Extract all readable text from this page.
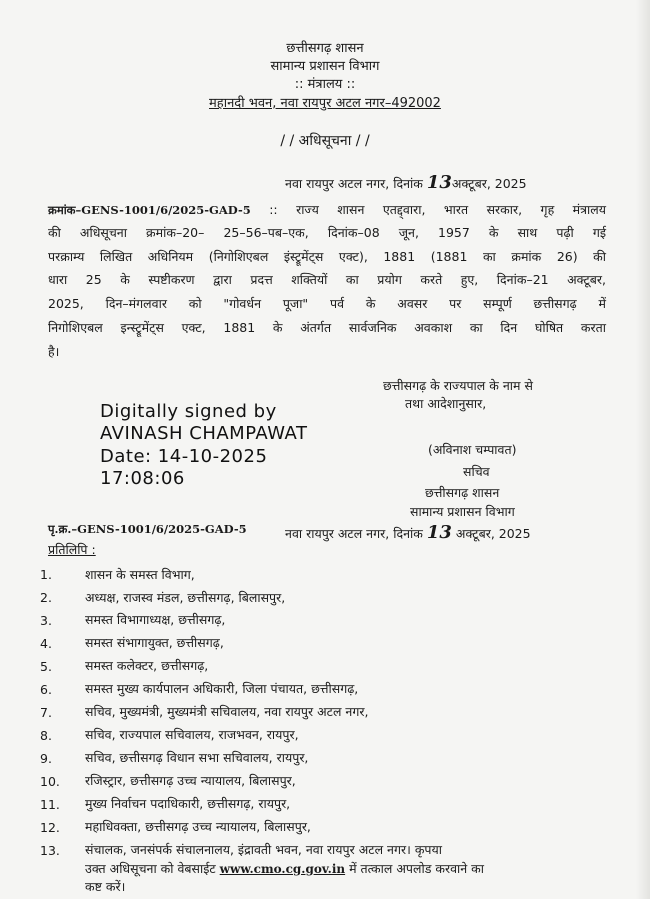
छत्तीसगढ़ शासन
सामान्य प्रशासन विभाग
:: मंत्रालय ::
महानदी भवन, नवा रायपुर अटल नगर–492002
/ / अधिसूचना / /
नवा रायपुर अटल नगर, दिनांक 13अक्टूबर, 2025
क्रमांक–GENS-1001/6/2025-GAD-5 :: राज्य शासन एतद्द्वारा, भारत सरकार, गृह मंत्रालय
की अधिसूचना क्रमांक–20– 25–56–पब–एक, दिनांक–08 जून, 1957 के साथ पढ़ी गई
परक्राम्य लिखित अधिनियम (निगोशिएबल इंस्ट्रूमेंट्स एक्ट), 1881 (1881 का क्रमांक 26) की
धारा 25 के स्पष्टीकरण द्वारा प्रदत्त शक्तियों का प्रयोग करते हुए, दिनांक–21 अक्टूबर,
2025, दिन–मंगलवार को "गोवर्धन पूजा" पर्व के अवसर पर सम्पूर्ण छत्तीसगढ़ में
निगोशिएबल इन्स्ट्रूमेंट्स एक्ट, 1881 के अंतर्गत सार्वजनिक अवकाश का दिन घोषित करता
है।
छत्तीसगढ़ के राज्यपाल के नाम से
तथा आदेशानुसार,
Digitally signed by
AVINASH CHAMPAWAT
Date: 14-10-2025
17:08:06
(अविनाश चम्पावत)
सचिव
छत्तीसगढ़ शासन
सामान्य प्रशासन विभाग
पृ.क्र.–GENS-1001/6/2025-GAD-5	नवा रायपुर अटल नगर, दिनांक 13 अक्टूबर, 2025
प्रतिलिपि :
1.	शासन के समस्त विभाग,
2.	अध्यक्ष, राजस्व मंडल, छत्तीसगढ़, बिलासपुर,
3.	समस्त विभागाध्यक्ष, छत्तीसगढ़,
4.	समस्त संभागायुक्त, छत्तीसगढ़,
5.	समस्त कलेक्टर, छत्तीसगढ़,
6.	समस्त मुख्य कार्यपालन अधिकारी, जिला पंचायत, छत्तीसगढ़,
7.	सचिव, मुख्यमंत्री, मुख्यमंत्री सचिवालय, नवा रायपुर अटल नगर,
8.	सचिव, राज्यपाल सचिवालय, राजभवन, रायपुर,
9.	सचिव, छत्तीसगढ़ विधान सभा सचिवालय, रायपुर,
10. रजिस्ट्रार, छत्तीसगढ़ उच्च न्यायालय, बिलासपुर,
11. मुख्य निर्वाचन पदाधिकारी, छत्तीसगढ़, रायपुर,
12. महाधिवक्ता, छत्तीसगढ़ उच्च न्यायालय, बिलासपुर,
13. संचालक, जनसंपर्क संचालनालय, इंद्रावती भवन, नवा रायपुर अटल नगर। कृपया
उक्त अधिसूचना को वेबसाईट www.cmo.cg.gov.in में तत्काल अपलोड करवाने का
कष्ट करें।
